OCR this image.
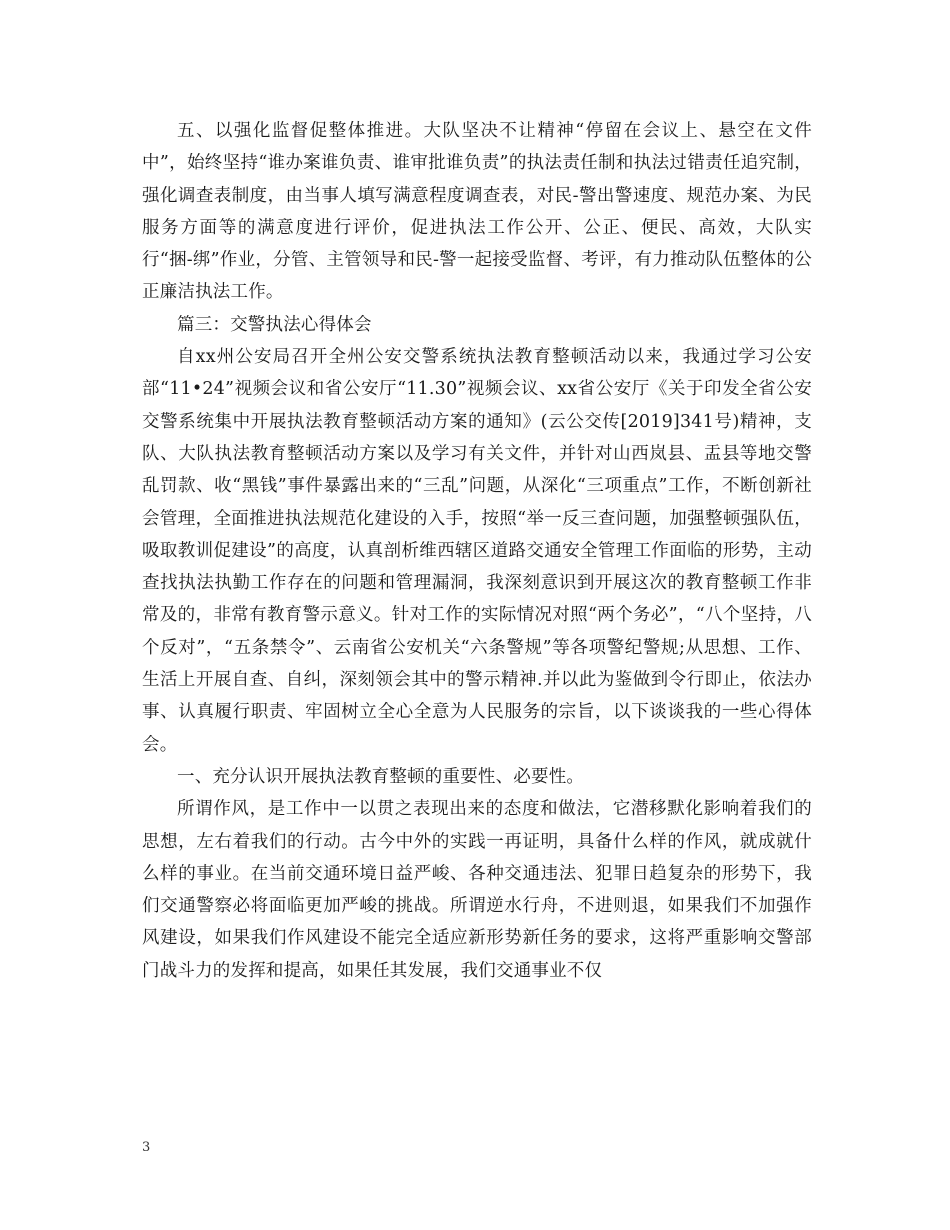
五、以强化监督促整体推进。大队坚决不让精神“停留在会议上、悬空在文件中”，始终坚持“谁办案谁负责、谁审批谁负责”的执法责任制和执法过错责任追究制，强化调查表制度，由当事人填写满意程度调查表，对民-警出警速度、规范办案、为民服务方面等的满意度进行评价，促进执法工作公开、公正、便民、高效，大队实行“捆-绑”作业，分管、主管领导和民-警一起接受监督、考评，有力推动队伍整体的公正廉洁执法工作。

篇三：交警执法心得体会

自xx州公安局召开全州公安交警系统执法教育整顿活动以来，我通过学习公安部“11•24”视频会议和省公安厅“11.30”视频会议、xx省公安厅《关于印发全省公安交警系统集中开展执法教育整顿活动方案的通知》(云公交传[2019]341号)精神，支队、大队执法教育整顿活动方案以及学习有关文件，并针对山西岚县、盂县等地交警乱罚款、收“黑钱”事件暴露出来的“三乱”问题，从深化“三项重点”工作，不断创新社会管理，全面推进执法规范化建设的入手，按照“举一反三查问题，加强整顿强队伍，吸取教训促建设”的高度，认真剖析维西辖区道路交通安全管理工作面临的形势，主动查找执法执勤工作存在的问题和管理漏洞，我深刻意识到开展这次的教育整顿工作非常及的，非常有教育警示意义。针对工作的实际情况对照“两个务必”，“八个坚持，八个反对”，“五条禁令”、云南省公安机关“六条警规”等各项警纪警规;从思想、工作、生活上开展自查、自纠，深刻领会其中的警示精神.并以此为鉴做到令行即止，依法办事、认真履行职责、牢固树立全心全意为人民服务的宗旨，以下谈谈我的一些心得体会。

一、充分认识开展执法教育整顿的重要性、必要性。

所谓作风，是工作中一以贯之表现出来的态度和做法，它潜移默化影响着我们的思想，左右着我们的行动。古今中外的实践一再证明，具备什么样的作风，就成就什么样的事业。在当前交通环境日益严峻、各种交通违法、犯罪日趋复杂的形势下，我们交通警察必将面临更加严峻的挑战。所谓逆水行舟，不进则退，如果我们不加强作风建设，如果我们作风建设不能完全适应新形势新任务的要求，这将严重影响交警部门战斗力的发挥和提高，如果任其发展，我们交通事业不仅

3
